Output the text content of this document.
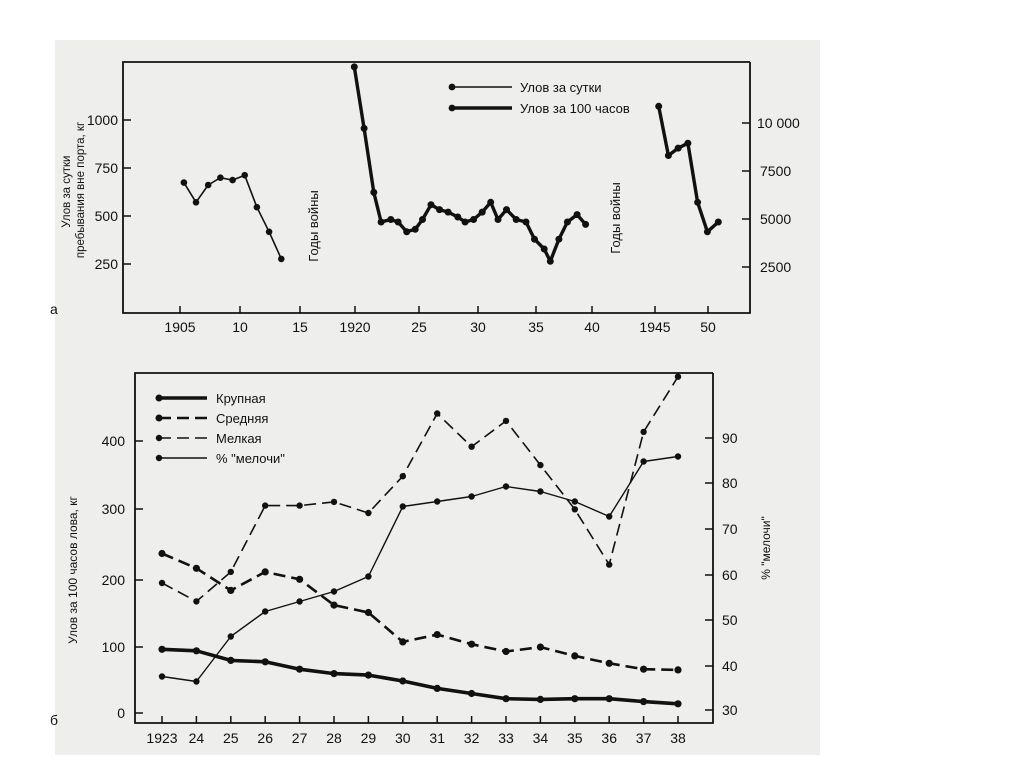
1000
750
500
250
10 000
7500
5000
2500
1905	10	15 1920	25	30	35	40	1945 50
Улов за сутки пребывания вне порта, кг	Годы войны	Годы войны
Улов за сутки
Улов за 100 часов
а
0
100
200
300
400
30
40
50
60
70
80
90
1923 24 25 26 27 28 29 30 31 32 33 34 35 36 37 38
Улов за 100 часов лова, кг	% "мелочи"
Крупная
Средняя
Мелкая
% "мелочи"
б
